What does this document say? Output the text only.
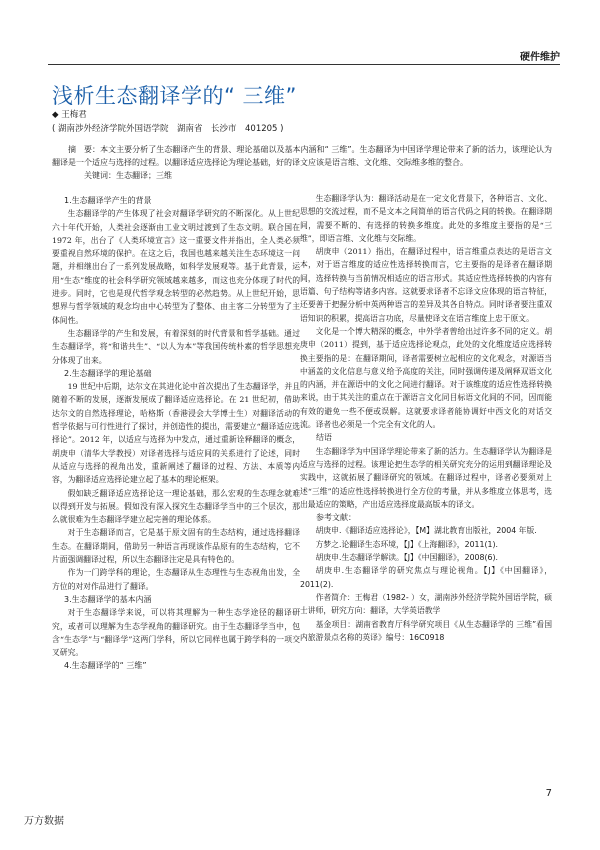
硬件维护
浅析生态翻译学的“ 三维”
◆ 王梅君
( 湖南涉外经济学院外国语学院　湖南省　长沙市　401205 )

摘　要：本文主要分析了生态翻译产生的背景、理论基础以及基本内涵和“ 三维”。生态翻译为中国译学理论带来了新的活力，该理论认为翻译是一个适应与选择的过程。以翻译适应选择论为理论基础，好的译文应该是语言维、文化维、交际维多维的整合。

关键词：生态翻译；三维

1.生态翻译学产生的背景

生态翻译学的产生体现了社会对翻译学研究的不断深化。从上世纪六十年代开始，人类社会逐渐由工业文明过渡到了生态文明。联合国在 1972 年，出台了《人类环境宣言》这一重要文件并指出，全人类必须要重视自然环境的保护。在这之后，我国也越来越关注生态环境这一问题，并相继出台了一系列发展战略，如科学发展观等。基于此背景，运用“生态”维度的社会科学研究领域越来越多，而这也充分体现了时代的进步。同时，它也是现代哲学观念转型的必然趋势。从上世纪开始，思想界与哲学领域的观念均由中心转型为了整体、由主客二分转型为了主体间性。

生态翻译学的产生和发展，有着深刻的时代背景和哲学基础。通过生态翻译学，将“和谐共生”、“以人为本”等我国传统朴素的哲学思想充分体现了出来。

2.生态翻译学的理论基础

19 世纪中后期，达尔文在其进化论中首次提出了生态翻译学，并且随着不断的发展，逐渐发展成了翻译适应选择论。在 21 世纪初，借助达尔文的自然选择理论，哈格斯（香港浸会大学博士生）对翻译活动的哲学依据与可行性进行了探讨，并创造性的提出，需要建立“翻译适应选择论”。2012 年，以适应与选择为中发点，通过重新诠释翻译的概念，胡庚申（清华大学教授）对译者选择与适应间的关系进行了论述，同时从适应与选择的视角出发，重新阐述了翻译的过程、方法、本质等内容，为翻译适应选择论建立起了基本的理论框架。

假如缺乏翻译适应选择论这一理论基础，那么宏观的生态理念就难以得到开发与拓展。假如没有深入探究生态翻译学当中的三个层次，那么就很难为生态翻译学建立起完善的理论体系。

对于生态翻译而言，它是基于原文固有的生态结构，通过选择翻译生态。在翻译期间，借助另一种语言再现该作品原有的生态结构，它不片面强调翻译过程，所以生态翻译注定是具有特色的。

作为一门跨学科的理论，生态翻译从生态理性与生态视角出发，全方位的对对作品进行了翻译。

3.生态翻译学的基本内涵

对于生态翻译学来说，可以将其理解为一种生态学途径的翻译研究，或者可以理解为生态学视角的翻译研究。由于生态翻译学当中，包含“生态学”与“翻译学”这两门学科，所以它同样也属于跨学科的一项交叉研究。

4.生态翻译学的“ 三维”

生态翻译学认为：翻译活动是在一定文化背景下，各种语言、文化、思想的交流过程，而不是文本之间简单的语言代码之间的转换。在翻译期间，需要不断的、有选择的转换多维度。此处的多维度主要指的是“三维”，即语言维、文化维与交际维。

胡庚申（2011）指出，在翻译过程中，语言维重点表达的是语言文本，对于语言维度的适应性选择转换而言，它主要指的是译者在翻译期间，选择转换与当前情况相适应的语言形式。其适应性选择转换的内容有语篇、句子结构等诸多内容。这就要求译者不忘译文应体现的语言特征，还要善于把握分析中英两种语言的差异及其各自特点。同时译者要注重双语知识的积累，提高语言功底，尽量使译文在语言维度上忠于原文。

文化是一个博大精深的概念，中外学者曾给出过许多不同的定义。胡庚申（2011）提到，基于适应选择论观点，此处的文化维度适应选择转换主要指的是：在翻译期间，译者需要树立起相应的文化观念，对源语当中涵盖的文化信息与意义给予高度的关注，同时强调传递及阐释双语文化的内涵，并在源语中的文化之间进行翻译。对于该维度的适应性选择转换来说，由于其关注的重点在于源语言文化同目标语文化间的不同，因而能有效的避免一些不便或误解。这就要求译者能协调好中西文化的对话交流。译者也必须是一个完全有文化的人。

结语

生态翻译学为中国译学理论带来了新的活力。生态翻译学认为翻译是适应与选择的过程。该理论把生态学的相关研究充分的运用到翻译理论及实践中，这就拓展了翻译研究的领域。在翻译过程中，译者必要须对上述“三维”的适应性选择转换进行全方位的考量，并从多维度立体思考，选出最适应的策略，产出适应选择度最高版本的译文。

参考文献：

胡庚申.《翻译适应选择论》，【M】湖北教育出版社，2004 年版.

方梦之.论翻译生态环境，【J】《上海翻译》，2011(1).

胡庚申.生态翻译学解读。【J】《中国翻译》，2008(6).

胡庚申.生态翻译学的研究焦点与理论视角。【J】《中国翻译》，2011(2).

作者简介：王梅君（1982- ）女，湖南涉外经济学院外国语学院，硕士讲师，研究方向：翻译，大学英语教学

基金项目：湖南省教育厅科学研究项目《从生态翻译学的 三维”看国内旅游景点名称的英译》编号：16C0918

7
万方数据
